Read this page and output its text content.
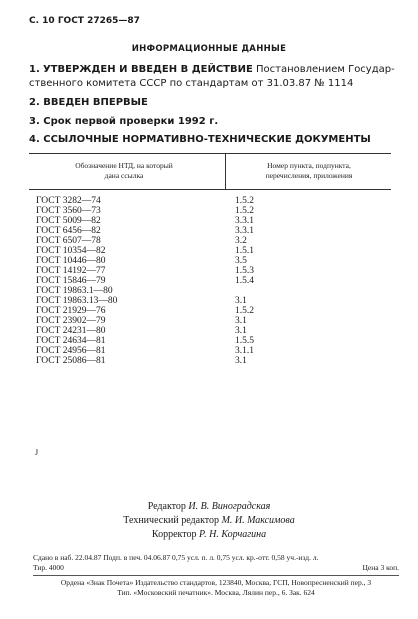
С. 10 ГОСТ 27265—87
ИНФОРМАЦИОННЫЕ ДАННЫЕ
1. УТВЕРЖДЕН И ВВЕДЕН В ДЕЙСТВИЕ Постановлением Государ-
ственного комитета СССР по стандартам от 31.03.87 № 1114
2. ВВЕДЕН ВПЕРВЫЕ
3. Срок первой проверки 1992 г.
4. ССЫЛОЧНЫЕ НОРМАТИВНО-ТЕХНИЧЕСКИЕ ДОКУМЕНТЫ
Обозначение НТД, на который
дана ссылка
Номер пункта, подпункта,
перечисления, приложения
ГОСТ 3282—74	1.5.2
ГОСТ 3560—73	1.5.2
ГОСТ 5009—82	3.3.1
ГОСТ 6456—82	3.3.1
ГОСТ 6507—78	3.2
ГОСТ 10354—82	1.5.1
ГОСТ 10446—80	3.5
ГОСТ 14192—77	1.5.3
ГОСТ 15846—79	1.5.4
ГОСТ 19863.1—80
ГОСТ 19863.13—80	3.1
ГОСТ 21929—76	1.5.2
ГОСТ 23902—79	3.1
ГОСТ 24231—80	3.1
ГОСТ 24634—81	1.5.5
ГОСТ 24956—81	3.1.1
ГОСТ 25086—81	3.1
J
Редактор И. В. Виноградская
Технический редактор М. И. Максимова
Корректор Р. Н. Корчагина
Сдано в наб. 22.04.87 Подп. в печ. 04.06.87 0,75 усл. п. л. 0,75 усл. кр.-отт. 0,58 уч.-изд. л.
Тир. 4000	Цена 3 коп.
Ордена «Знак Почета» Издательство стандартов, 123840, Москва, ГСП, Новопресненский пер., 3
Тип. «Московский печатник». Москва, Лялин пер., 6. Зак. 624
